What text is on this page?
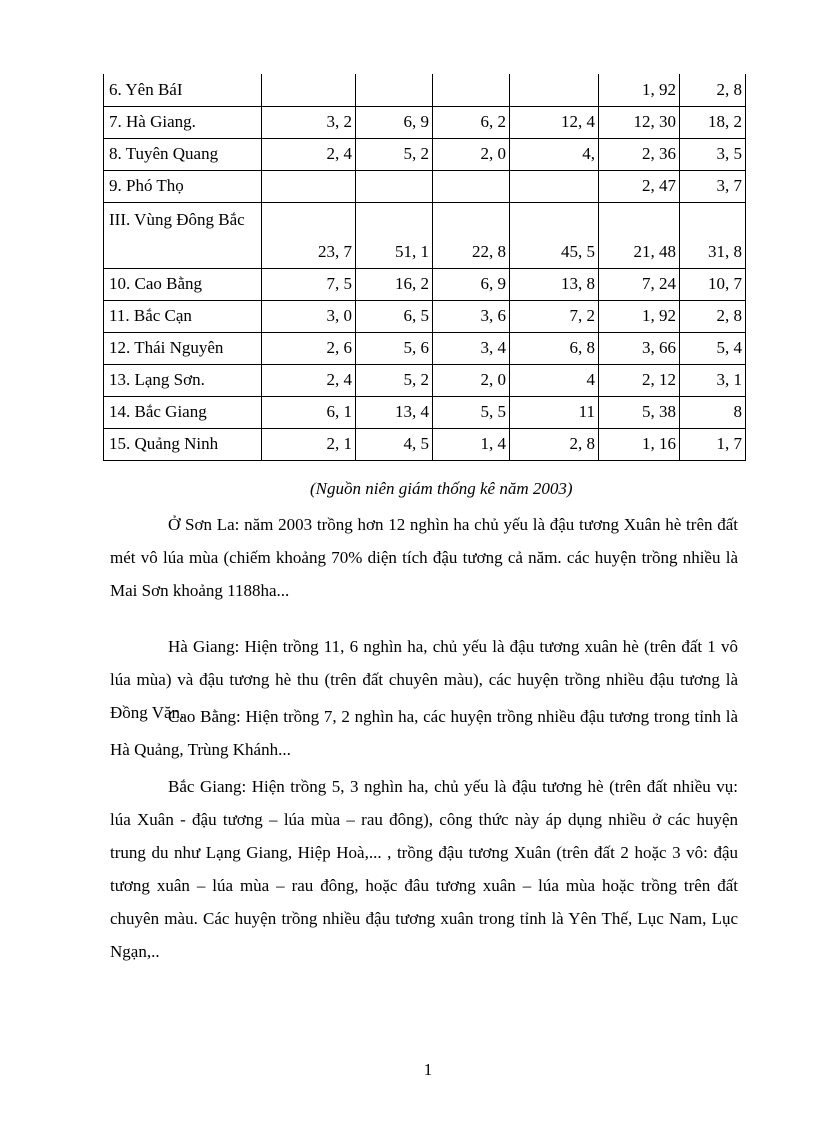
6. Yên BáI					1, 92	2, 8
7. Hà Giang.	3, 2	6, 9	6, 2	12, 4	12, 30	18, 2
8. Tuyên Quang	2, 4	5, 2	2, 0	4,	2, 36	3, 5
9. Phó Thọ					2, 47	3, 7
III. Vùng Đông Bắc	23, 7	51, 1	22, 8	45, 5	21, 48	31, 8
10. Cao Bằng	7, 5	16, 2	6, 9	13, 8	7, 24	10, 7
11. Bắc Cạn	3, 0	6, 5	3, 6	7, 2	1, 92	2, 8
12. Thái Nguyên	2, 6	5, 6	3, 4	6, 8	3, 66	5, 4
13. Lạng Sơn.	2, 4	5, 2	2, 0	4	2, 12	3, 1
14. Bắc Giang	6, 1	13, 4	5, 5	11	5, 38	8
15. Quảng Ninh	2, 1	4, 5	1, 4	2, 8	1, 16	1, 7
(Nguồn niên giám thống kê năm 2003)

Ở Sơn La: năm 2003 trồng hơn 12 nghìn ha chủ yếu là đậu tương Xuân hè trên đất mét vô lúa mùa (chiếm khoảng 70% diện tích đậu tương cả năm. các huyện trồng nhiều là Mai Sơn khoảng 1188ha...

Hà Giang: Hiện trồng 11, 6 nghìn ha, chủ yếu là đậu tương xuân hè (trên đất 1 vô lúa mùa) và đậu tương hè thu (trên đất chuyên màu), các huyện trồng nhiều đậu tương là Đồng Văn.

Cao Bằng: Hiện trồng 7, 2 nghìn ha, các huyện trồng nhiều đậu tương trong tỉnh là Hà Quảng, Trùng Khánh...

Bắc Giang: Hiện trồng 5, 3 nghìn ha, chủ yếu là đậu tương hè (trên đất nhiều vụ: lúa Xuân - đậu tương – lúa mùa – rau đông), công thức này áp dụng nhiều ở các huyện trung du như Lạng Giang, Hiệp Hoà,... , trồng đậu tương Xuân (trên đất 2 hoặc 3 vô: đậu tương xuân – lúa mùa – rau đông, hoặc đâu tương xuân – lúa mùa hoặc trồng trên đất chuyên màu. Các huyện trồng nhiều đậu tương xuân trong tỉnh là Yên Thế, Lục Nam, Lục Ngạn,..

1
